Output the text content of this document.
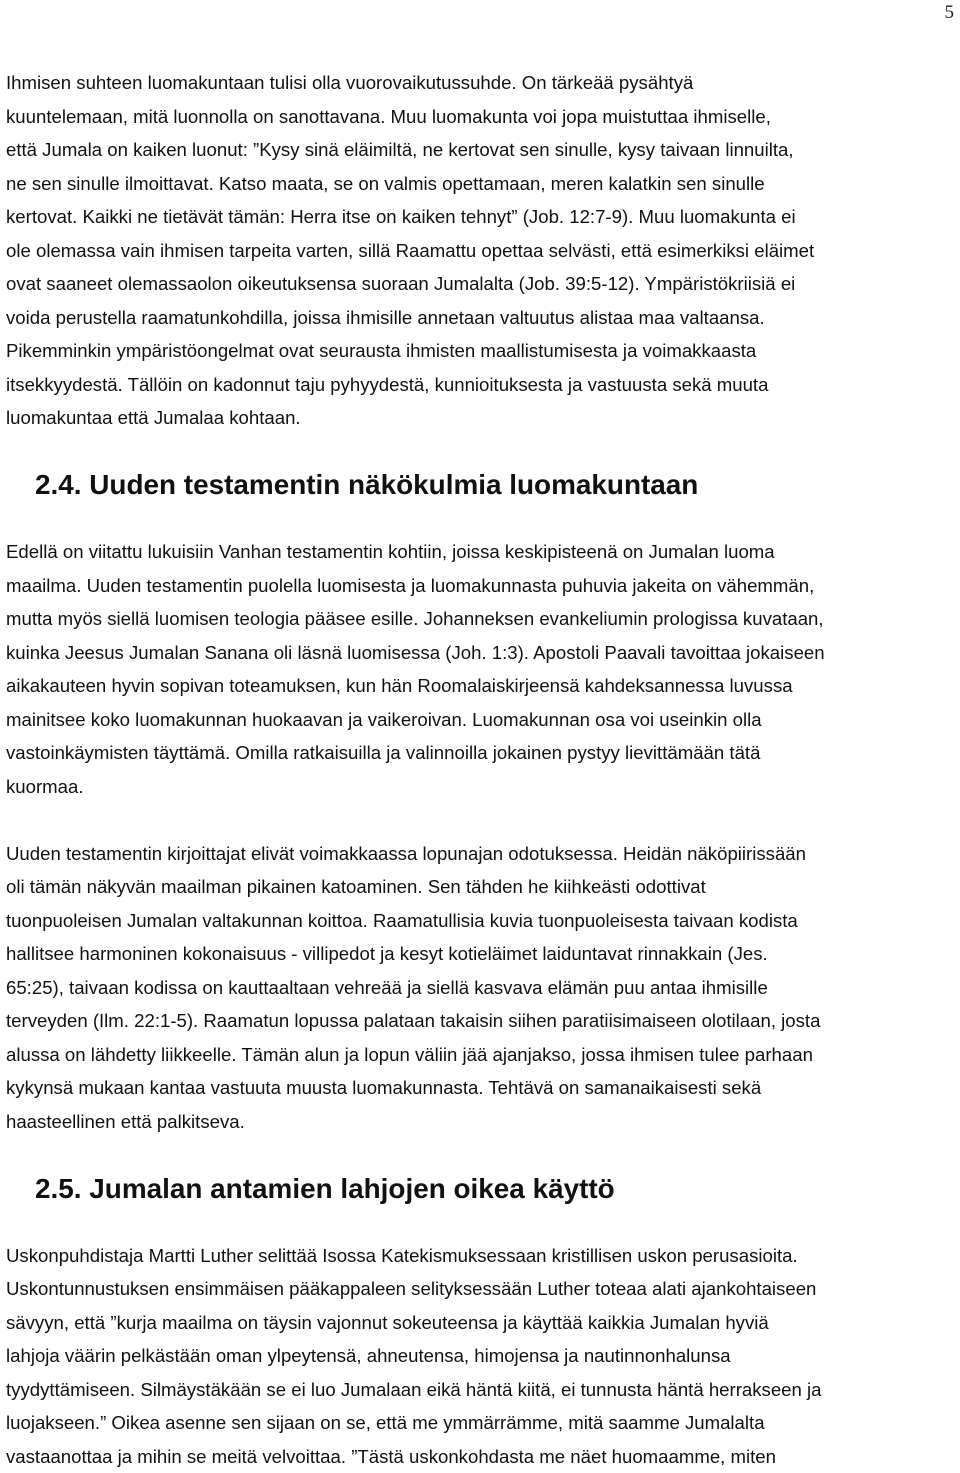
5

Ihmisen suhteen luomakuntaan tulisi olla vuorovaikutussuhde. On tärkeää pysähtyä
kuuntelemaan, mitä luonnolla on sanottavana. Muu luomakunta voi jopa muistuttaa ihmiselle,
että Jumala on kaiken luonut: ”Kysy sinä eläimiltä, ne kertovat sen sinulle, kysy taivaan linnuilta,
ne sen sinulle ilmoittavat. Katso maata, se on valmis opettamaan, meren kalatkin sen sinulle
kertovat. Kaikki ne tietävät tämän: Herra itse on kaiken tehnyt” (Job. 12:7-9). Muu luomakunta ei
ole olemassa vain ihmisen tarpeita varten, sillä Raamattu opettaa selvästi, että esimerkiksi eläimet
ovat saaneet olemassaolon oikeutuksensa suoraan Jumalalta (Job. 39:5-12). Ympäristökriisiä ei
voida perustella raamatunkohdilla, joissa ihmisille annetaan valtuutus alistaa maa valtaansa.
Pikemminkin ympäristöongelmat ovat seurausta ihmisten maallistumisesta ja voimakkaasta
itsekkyydestä. Tällöin on kadonnut taju pyhyydestä, kunnioituksesta ja vastuusta sekä muuta
luomakuntaa että Jumalaa kohtaan.

2.4. Uuden testamentin näkökulmia luomakuntaan

Edellä on viitattu lukuisiin Vanhan testamentin kohtiin, joissa keskipisteenä on Jumalan luoma
maailma. Uuden testamentin puolella luomisesta ja luomakunnasta puhuvia jakeita on vähemmän,
mutta myös siellä luomisen teologia pääsee esille. Johanneksen evankeliumin prologissa kuvataan,
kuinka Jeesus Jumalan Sanana oli läsnä luomisessa (Joh. 1:3). Apostoli Paavali tavoittaa jokaiseen
aikakauteen hyvin sopivan toteamuksen, kun hän Roomalaiskirjeensä kahdeksannessa luvussa
mainitsee koko luomakunnan huokaavan ja vaikeroivan. Luomakunnan osa voi useinkin olla
vastoinkäymisten täyttämä. Omilla ratkaisuilla ja valinnoilla jokainen pystyy lievittämään tätä
kuormaa.

Uuden testamentin kirjoittajat elivät voimakkaassa lopunajan odotuksessa. Heidän näköpiirissään
oli tämän näkyvän maailman pikainen katoaminen. Sen tähden he kiihkeästi odottivat
tuonpuoleisen Jumalan valtakunnan koittoa. Raamatullisia kuvia tuonpuoleisesta taivaan kodista
hallitsee harmoninen kokonaisuus - villipedot ja kesyt kotieläimet laiduntavat rinnakkain (Jes.
65:25), taivaan kodissa on kauttaaltaan vehreää ja siellä kasvava elämän puu antaa ihmisille
terveyden (Ilm. 22:1-5). Raamatun lopussa palataan takaisin siihen paratiisimaiseen olotilaan, josta
alussa on lähdetty liikkeelle. Tämän alun ja lopun väliin jää ajanjakso, jossa ihmisen tulee parhaan
kykynsä mukaan kantaa vastuuta muusta luomakunnasta. Tehtävä on samanaikaisesti sekä
haasteellinen että palkitseva.

2.5. Jumalan antamien lahjojen oikea käyttö

Uskonpuhdistaja Martti Luther selittää Isossa Katekismuksessaan kristillisen uskon perusasioita.
Uskontunnustuksen ensimmäisen pääkappaleen selityksessään Luther toteaa alati ajankohtaiseen
sävyyn, että ”kurja maailma on täysin vajonnut sokeuteensa ja käyttää kaikkia Jumalan hyviä
lahjoja väärin pelkästään oman ylpeytensä, ahneutensa, himojensa ja nautinnonhalunsa
tyydyttämiseen. Silmäystäkään se ei luo Jumalaan eikä häntä kiitä, ei tunnusta häntä herrakseen ja
luojakseen.” Oikea asenne sen sijaan on se, että me ymmärrämme, mitä saamme Jumalalta
vastaanottaa ja mihin se meitä velvoittaa. ”Tästä uskonkohdasta me näet huomaamme, miten
